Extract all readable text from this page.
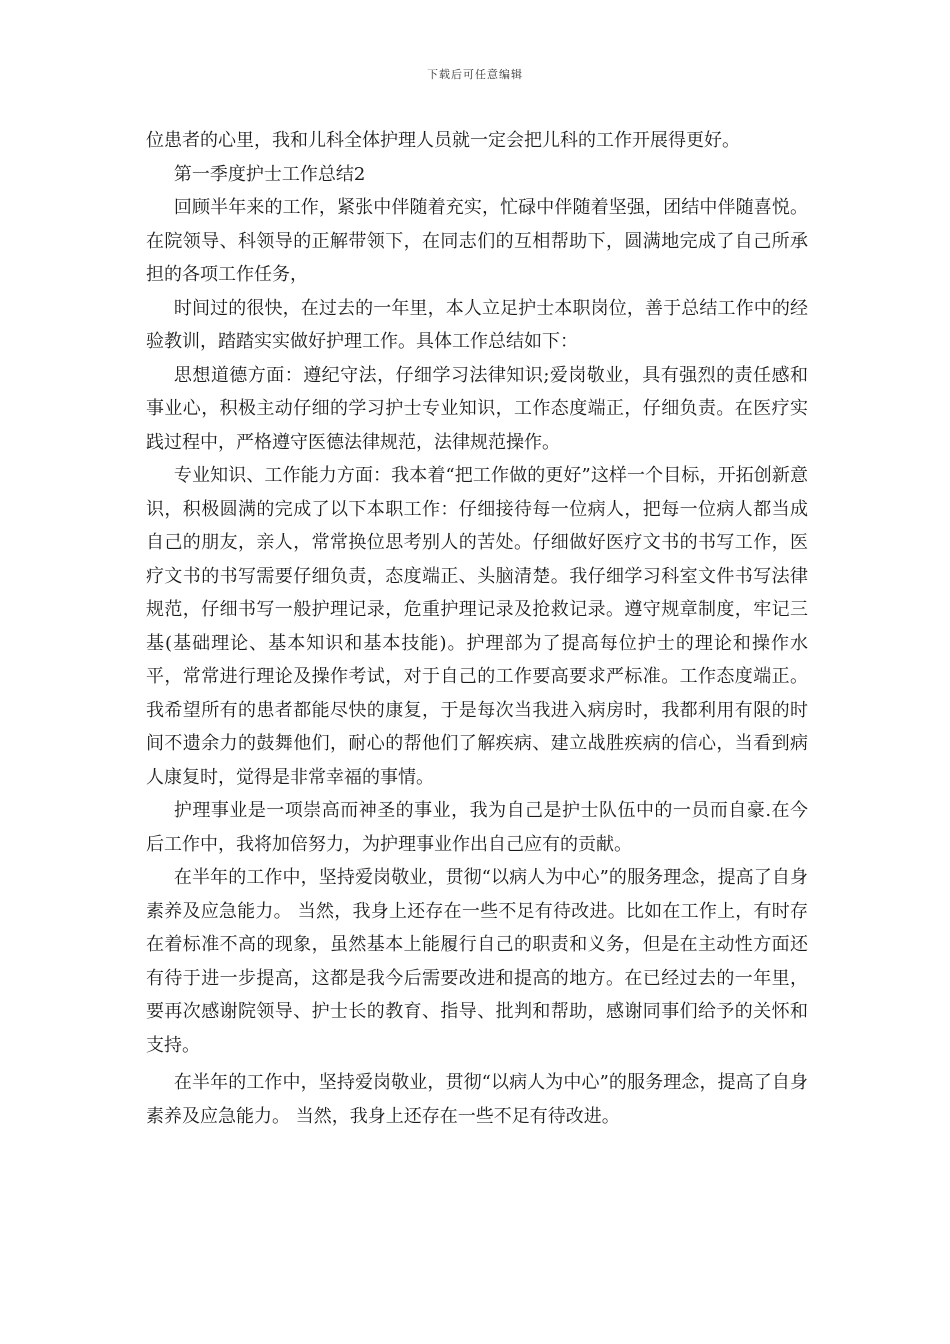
下载后可任意编辑

位患者的心里，我和儿科全体护理人员就一定会把儿科的工作开展得更好。

第一季度护士工作总结2

回顾半年来的工作，紧张中伴随着充实，忙碌中伴随着坚强，团结中伴随喜悦。在院领导、科领导的正解带领下，在同志们的互相帮助下，圆满地完成了自己所承担的各项工作任务，

时间过的很快，在过去的一年里，本人立足护士本职岗位，善于总结工作中的经验教训，踏踏实实做好护理工作。具体工作总结如下：

思想道德方面：遵纪守法，仔细学习法律知识;爱岗敬业，具有强烈的责任感和事业心，积极主动仔细的学习护士专业知识，工作态度端正，仔细负责。在医疗实践过程中，严格遵守医德法律规范，法律规范操作。

专业知识、工作能力方面：我本着“把工作做的更好”这样一个目标，开拓创新意识，积极圆满的完成了以下本职工作：仔细接待每一位病人，把每一位病人都当成自己的朋友，亲人，常常换位思考别人的苦处。仔细做好医疗文书的书写工作，医疗文书的书写需要仔细负责，态度端正、头脑清楚。我仔细学习科室文件书写法律规范，仔细书写一般护理记录，危重护理记录及抢救记录。遵守规章制度，牢记三基(基础理论、基本知识和基本技能)。护理部为了提高每位护士的理论和操作水平，常常进行理论及操作考试，对于自己的工作要高要求严标准。工作态度端正。我希望所有的患者都能尽快的康复，于是每次当我进入病房时，我都利用有限的时间不遗余力的鼓舞他们，耐心的帮他们了解疾病、建立战胜疾病的信心，当看到病人康复时，觉得是非常幸福的事情。

护理事业是一项崇高而神圣的事业，我为自己是护士队伍中的一员而自豪.在今后工作中，我将加倍努力，为护理事业作出自己应有的贡献。

在半年的工作中，坚持爱岗敬业，贯彻“以病人为中心”的服务理念，提高了自身素养及应急能力。 当然，我身上还存在一些不足有待改进。比如在工作上，有时存在着标准不高的现象，虽然基本上能履行自己的职责和义务，但是在主动性方面还有待于进一步提高，这都是我今后需要改进和提高的地方。在已经过去的一年里，要再次感谢院领导、护士长的教育、指导、批判和帮助，感谢同事们给予的关怀和支持。

在半年的工作中，坚持爱岗敬业，贯彻“以病人为中心”的服务理念，提高了自身素养及应急能力。 当然，我身上还存在一些不足有待改进。
